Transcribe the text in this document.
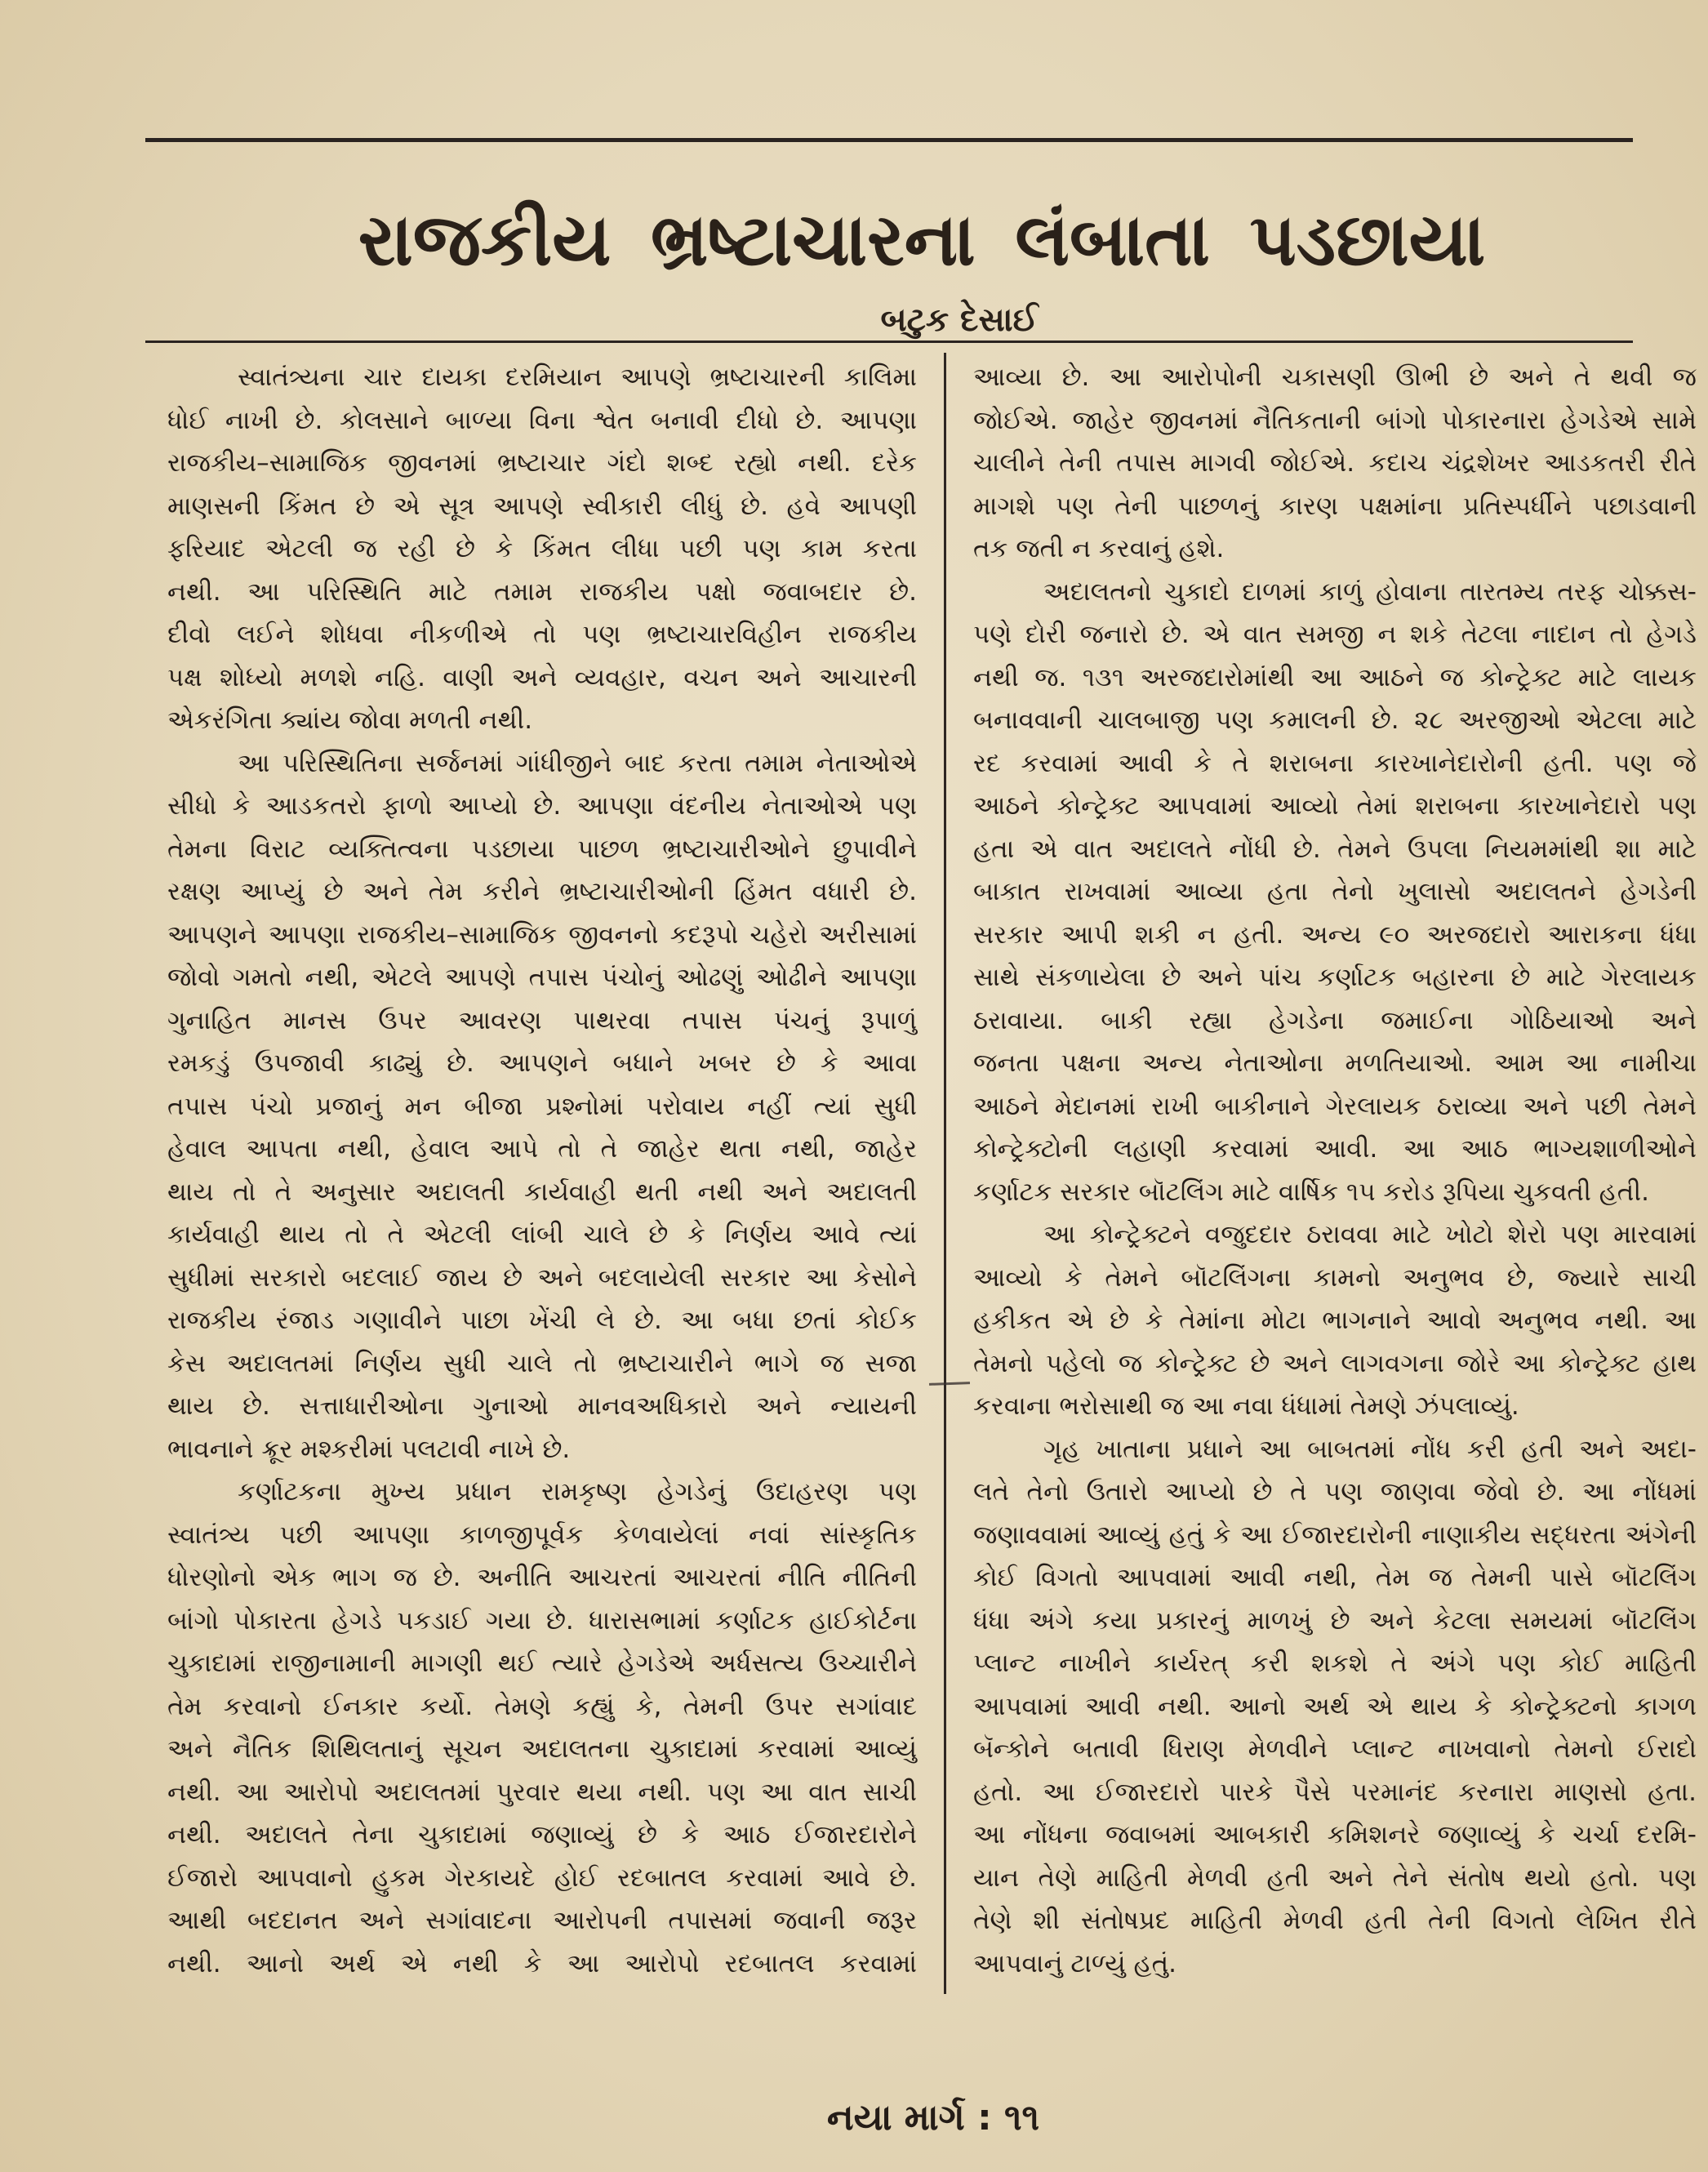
રાજકીય ભ્રષ્ટાચારના લંબાતા પડછાયા
બટુક દેસાઈ
સ્વાતંત્ર્યના ચાર દાયકા દરમિયાન આપણે ભ્રષ્ટાચારની કાલિમા
ધોઈ નાખી છે. કોલસાને બાળ્યા વિના શ્વેત બનાવી દીધો છે. આપણા
રાજકીય–સામાજિક જીવનમાં ભ્રષ્ટાચાર ગંદો શબ્દ રહ્યો નથી. દરેક
માણસની કિંમત છે એ સૂત્ર આપણે સ્વીકારી લીધું છે. હવે આપણી
ફરિયાદ એટલી જ રહી છે કે કિંમત લીધા પછી પણ કામ કરતા
નથી. આ પરિસ્થિતિ માટે તમામ રાજકીય પક્ષો જવાબદાર છે.
દીવો લઈને શોધવા નીકળીએ તો પણ ભ્રષ્ટાચારવિહીન રાજકીય
પક્ષ શોધ્યો મળશે નહિ. વાણી અને વ્યવહાર, વચન અને આચારની
એકરંગિતા ક્યાંય જોવા મળતી નથી.
આ પરિસ્થિતિના સર્જનમાં ગાંધીજીને બાદ કરતા તમામ નેતાઓએ
સીધો કે આડકતરો ફાળો આપ્યો છે. આપણા વંદનીય નેતાઓએ પણ
તેમના વિરાટ વ્યક્તિત્વના પડછાયા પાછળ ભ્રષ્ટાચારીઓને છુપાવીને
રક્ષણ આપ્યું છે અને તેમ કરીને ભ્રષ્ટાચારીઓની હિંમત વધારી છે.
આપણને આપણા રાજકીય–સામાજિક જીવનનો કદરૂપો ચહેરો અરીસામાં
જોવો ગમતો નથી, એટલે આપણે તપાસ પંચોનું ઓઢણું ઓઢીને આપણા
ગુનાહિત માનસ ઉપર આવરણ પાથરવા તપાસ પંચનું રૂપાળું
રમકડું ઉપજાવી કાઢ્યું છે. આપણને બધાને ખબર છે કે આવા
તપાસ પંચો પ્રજાનું મન બીજા પ્રશ્નોમાં પરોવાય નહીં ત્યાં સુધી
હેવાલ આપતા નથી, હેવાલ આપે તો તે જાહેર થતા નથી, જાહેર
થાય તો તે અનુસાર અદાલતી કાર્યવાહી થતી નથી અને અદાલતી
કાર્યવાહી થાય તો તે એટલી લાંબી ચાલે છે કે નિર્ણય આવે ત્યાં
સુધીમાં સરકારો બદલાઈ જાય છે અને બદલાયેલી સરકાર આ કેસોને
રાજકીય રંજાડ ગણાવીને પાછા ખેંચી લે છે. આ બધા છતાં કોઈક
કેસ અદાલતમાં નિર્ણય સુધી ચાલે તો ભ્રષ્ટાચારીને ભાગે જ સજા
થાય છે. સત્તાધારીઓના ગુનાઓ માનવઅધિકારો અને ન્યાયની
ભાવનાને ક્રૂર મશ્કરીમાં પલટાવી નાખે છે.
કર્ણાટકના મુખ્ય પ્રધાન રામકૃષ્ણ હેગડેનું ઉદાહરણ પણ
સ્વાતંત્ર્ય પછી આપણા કાળજીપૂર્વક કેળવાયેલાં નવાં સાંસ્કૃતિક
ધોરણોનો એક ભાગ જ છે. અનીતિ આચરતાં આચરતાં નીતિ નીતિની
બાંગો પોકારતા હેગડે પકડાઈ ગયા છે. ધારાસભામાં કર્ણાટક હાઈકોર્ટના
ચુકાદામાં રાજીનામાની માગણી થઈ ત્યારે હેગડેએ અર્ધસત્ય ઉચ્ચારીને
તેમ કરવાનો ઈનકાર કર્યો. તેમણે કહ્યું કે, તેમની ઉપર સગાંવાદ
અને નૈતિક શિથિલતાનું સૂચન અદાલતના ચુકાદામાં કરવામાં આવ્યું
નથી. આ આરોપો અદાલતમાં પુરવાર થયા નથી. પણ આ વાત સાચી
નથી. અદાલતે તેના ચુકાદામાં જણાવ્યું છે કે આઠ ઈજારદારોને
ઈજારો આપવાનો હુકમ ગેરકાયદે હોઈ રદબાતલ કરવામાં આવે છે.
આથી બદદાનત અને સગાંવાદના આરોપની તપાસમાં જવાની જરૂર
નથી. આનો અર્થ એ નથી કે આ આરોપો રદબાતલ કરવામાં
આવ્યા છે. આ આરોપોની ચકાસણી ઊભી છે અને તે થવી જ
જોઈએ. જાહેર જીવનમાં નૈતિકતાની બાંગો પોકારનારા હેગડેએ સામે
ચાલીને તેની તપાસ માગવી જોઈએ. કદાચ ચંદ્રશેખર આડકતરી રીતે
માગશે પણ તેની પાછળનું કારણ પક્ષમાંના પ્રતિસ્પર્ધીને પછાડવાની
તક જતી ન કરવાનું હશે.
અદાલતનો ચુકાદો દાળમાં કાળું હોવાના તારતમ્ય તરફ ચોક્કસ-
પણે દોરી જનારો છે. એ વાત સમજી ન શકે તેટલા નાદાન તો હેગડે
નથી જ. ૧૩૧ અરજદારોમાંથી આ આઠને જ કોન્ટ્રેક્ટ માટે લાયક
બનાવવાની ચાલબાજી પણ કમાલની છે. ૨૮ અરજીઓ એટલા માટે
રદ કરવામાં આવી કે તે શરાબના કારખાનેદારોની હતી. પણ જે
આઠને કોન્ટ્રેક્ટ આપવામાં આવ્યો તેમાં શરાબના કારખાનેદારો પણ
હતા એ વાત અદાલતે નોંધી છે. તેમને ઉપલા નિયમમાંથી શા માટે
બાકાત રાખવામાં આવ્યા હતા તેનો ખુલાસો અદાલતને હેગડેની
સરકાર આપી શકી ન હતી. અન્ય ૯૦ અરજદારો આરાકના ધંધા
સાથે સંકળાયેલા છે અને પાંચ કર્ણાટક બહારના છે માટે ગેરલાયક
ઠરાવાયા. બાકી રહ્યા હેગડેના જમાઈના ગોઠિયાઓ અને
જનતા પક્ષના અન્ય નેતાઓના મળતિયાઓ. આમ આ નામીચા
આઠને મેદાનમાં રાખી બાકીનાને ગેરલાયક ઠરાવ્યા અને પછી તેમને
કોન્ટ્રેક્ટોની લહાણી કરવામાં આવી. આ આઠ ભાગ્યશાળીઓને
કર્ણાટક સરકાર બૉટલિંગ માટે વાર્ષિક ૧૫ કરોડ રૂપિયા ચુકવતી હતી.
આ કોન્ટ્રેક્ટને વજુદદાર ઠરાવવા માટે ખોટો શેરો પણ મારવામાં
આવ્યો કે તેમને બૉટલિંગના કામનો અનુભવ છે, જ્યારે સાચી
હકીકત એ છે કે તેમાંના મોટા ભાગનાને આવો અનુભવ નથી. આ
તેમનો પહેલો જ કોન્ટ્રેક્ટ છે અને લાગવગના જોરે આ કોન્ટ્રેક્ટ હાથ
કરવાના ભરોસાથી જ આ નવા ધંધામાં તેમણે ઝંપલાવ્યું.
ગૃહ ખાતાના પ્રધાને આ બાબતમાં નોંધ કરી હતી અને અદા-
લતે તેનો ઉતારો આપ્યો છે તે પણ જાણવા જેવો છે. આ નોંધમાં
જણાવવામાં આવ્યું હતું કે આ ઈજારદારોની નાણાકીય સદ્ધરતા અંગેની
કોઈ વિગતો આપવામાં આવી નથી, તેમ જ તેમની પાસે બૉટલિંગ
ધંધા અંગે કયા પ્રકારનું માળખું છે અને કેટલા સમયમાં બૉટલિંગ
પ્લાન્ટ નાખીને કાર્યરત્ કરી શકશે તે અંગે પણ કોઈ માહિતી
આપવામાં આવી નથી. આનો અર્થ એ થાય કે કોન્ટ્રેક્ટનો કાગળ
બૅન્કોને બતાવી ધિરાણ મેળવીને પ્લાન્ટ નાખવાનો તેમનો ઈરાદો
હતો. આ ઈજારદારો પારકે પૈસે પરમાનંદ કરનારા માણસો હતા.
આ નોંધના જવાબમાં આબકારી કમિશનરે જણાવ્યું કે ચર્ચા દરમિ-
યાન તેણે માહિતી મેળવી હતી અને તેને સંતોષ થયો હતો. પણ
તેણે શી સંતોષપ્રદ માહિતી મેળવી હતી તેની વિગતો લેખિત રીતે
આપવાનું ટાળ્યું હતું.
નયા માર્ગ : ૧૧
